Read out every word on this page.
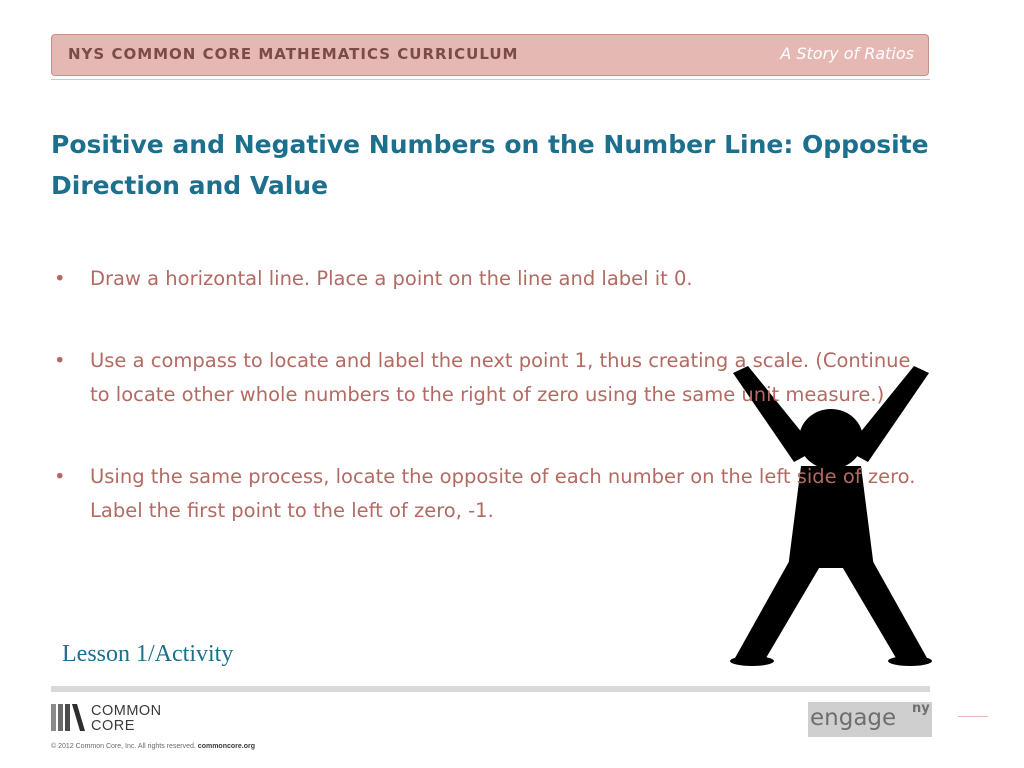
NYS COMMON CORE MATHEMATICS CURRICULUM	A Story of Ratios
Positive and Negative Numbers on the Number Line: Opposite Direction and Value
• Draw a horizontal line. Place a point on the line and label it 0.
• Use a compass to locate and label the next point 1, thus creating a scale. (Continue to locate other whole numbers to the right of zero using the same unit measure.)
• Using the same process, locate the opposite of each number on the left side of zero. Label the first point to the left of zero, -1.
Lesson 1/Activity
COMMON
CORE
© 2012 Common Core, Inc. All rights reserved. commoncore.org
engage ny
